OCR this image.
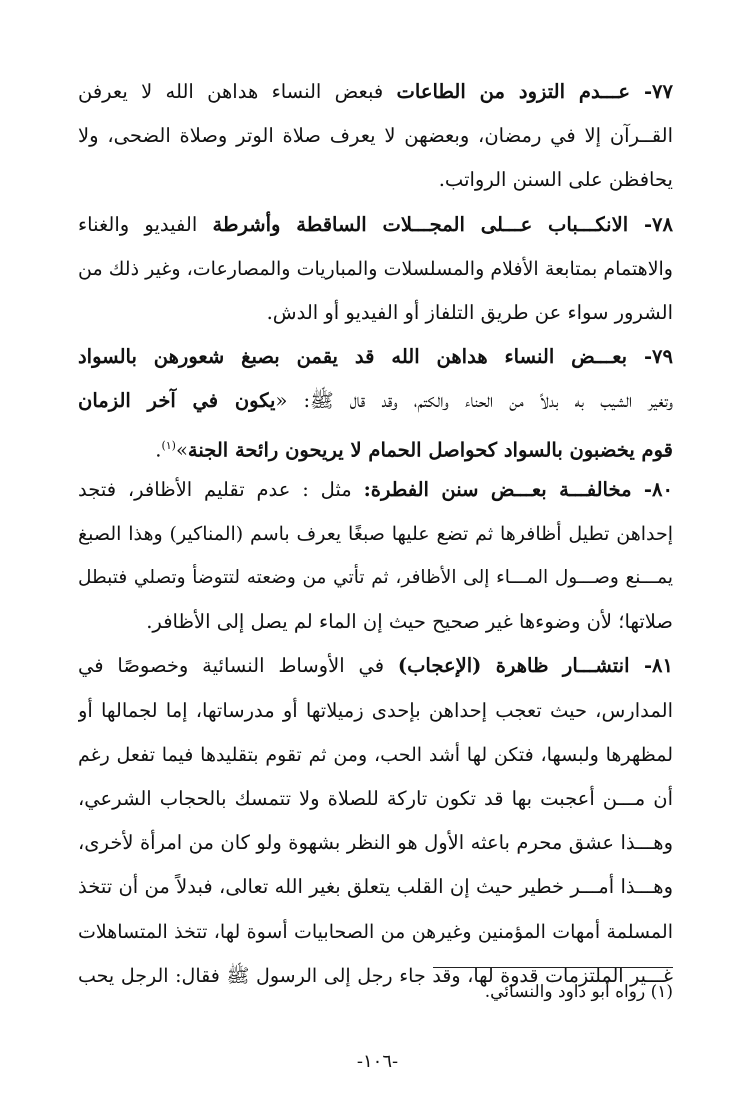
٧٧- عـــدم التزود من الطاعات فبعض النساء هداهن الله لا يعرفن
القــرآن إلا في رمضان، وبعضهن لا يعرف صلاة الوتر وصلاة الضحى، ولا
يحافظن على السنن الرواتب.
٧٨- الانكـــباب عـــلى المجـــلات الساقطة وأشرطة الفيديو والغناء
والاهتمام بمتابعة الأفلام والمسلسلات والمباريات والمصارعات، وغير ذلك من
الشرور سواء عن طريق التلفاز أو الفيديو أو الدش.
٧٩- بعـــض النساء هداهن الله قد يقمن بصبغ شعورهن بالسواد
وتغير الشيب به بدلاً من الحناء والكتم، وقد قال ﷺ: «يكون في آخر الزمان
قوم يخضبون بالسواد كحواصل الحمام لا يريحون رائحة الجنة»$^{(١)}$.
٨٠- مخالفـــة بعـــض سنن الفطرة: مثل : عدم تقليم الأظافر، فتجد
إحداهن تطيل أظافرها ثم تضع عليها صبغًا يعرف باسم (المناكير) وهذا الصبغ
يمـــنع وصـــول المـــاء إلى الأظافر، ثم تأتي من وضعته لتتوضأ وتصلي فتبطل
صلاتها؛ لأن وضوءها غير صحيح حيث إن الماء لم يصل إلى الأظافر.
٨١- انتشـــار ظاهرة (الإعجاب) في الأوساط النسائية وخصوصًا في
المدارس، حيث تعجب إحداهن بإحدى زميلاتها أو مدرساتها، إما لجمالها أو
لمظهرها ولبسها، فتكن لها أشد الحب، ومن ثم تقوم بتقليدها فيما تفعل رغم
أن مـــن أعجبت بها قد تكون تاركة للصلاة ولا تتمسك بالحجاب الشرعي،
وهـــذا عشق محرم باعثه الأول هو النظر بشهوة ولو كان من امرأة لأخرى،
وهـــذا أمـــر خطير حيث إن القلب يتعلق بغير الله تعالى، فبدلاً من أن تتخذ
المسلمة أمهات المؤمنين وغيرهن من الصحابيات أسوة لها، تتخذ المتساهلات
غـــير الملتزمات قدوة لها، وقد جاء رجل إلى الرسول ﷺ فقال: الرجل يحب
(١) رواه أبو داود والنسائي.
-١٠٦-
